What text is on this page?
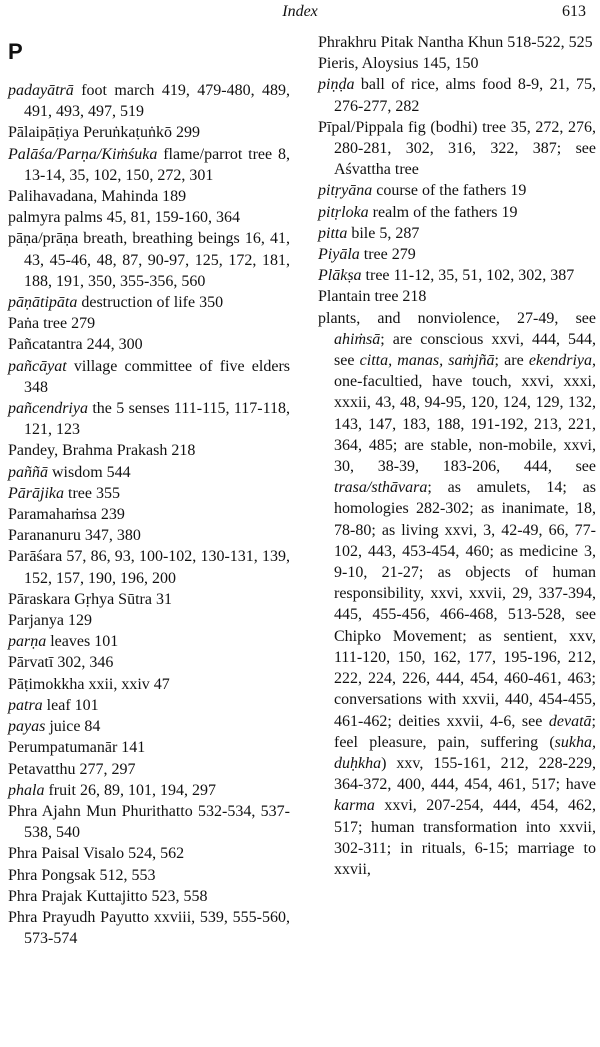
Index	613
P
padayātrā foot march 419, 479-480, 489, 491, 493, 497, 519
Pālaipāṭiya Peruṅkaṭuṅkō 299
Palāśa/Parṇa/Kiṁśuka flame/parrot tree 8, 13-14, 35, 102, 150, 272, 301
Palihavadana, Mahinda 189
palmyra palms 45, 81, 159-160, 364
pāṇa/prāṇa breath, breathing beings 16, 41, 43, 45-46, 48, 87, 90-97, 125, 172, 181, 188, 191, 350, 355-356, 560
pāṇātipāta destruction of life 350
Paṅa tree 279
Pañcatantra 244, 300
pañcāyat village committee of five elders 348
pañcendriya the 5 senses 111-115, 117-118, 121, 123
Pandey, Brahma Prakash 218
paññā wisdom 544
Pārājika tree 355
Paramahaṁsa 239
Parananuru 347, 380
Parāśara 57, 86, 93, 100-102, 130-131, 139, 152, 157, 190, 196, 200
Pāraskara Gṛhya Sūtra 31
Parjanya 129
parṇa leaves 101
Pārvatī 302, 346
Pāṭimokkha xxii, xxiv 47
patra leaf 101
payas juice 84
Perumpatumanār 141
Petavatthu 277, 297
phala fruit 26, 89, 101, 194, 297
Phra Ajahn Mun Phurithatto 532-534, 537-538, 540
Phra Paisal Visalo 524, 562
Phra Pongsak 512, 553
Phra Prajak Kuttajitto 523, 558
Phra Prayudh Payutto xxviii, 539, 555-560, 573-574
Phrakhru Pitak Nantha Khun 518-522, 525
Pieris, Aloysius 145, 150
piṇḍa ball of rice, alms food 8-9, 21, 75, 276-277, 282
Pīpal/Pippala fig (bodhi) tree 35, 272, 276, 280-281, 302, 316, 322, 387; see Aśvattha tree
pitṛyāna course of the fathers 19
pitṛloka realm of the fathers 19
pitta bile 5, 287
Piyāla tree 279
Plākṣa tree 11-12, 35, 51, 102, 302, 387
Plantain tree 218
plants, and nonviolence, 27-49, see ahiṁsā; are conscious xxvi, 444, 544, see citta, manas, saṁjñā; are ekendriya, one-facultied, have touch, xxvi, xxxi, xxxii, 43, 48, 94-95, 120, 124, 129, 132, 143, 147, 183, 188, 191-192, 213, 221, 364, 485; are stable, non-mobile, xxvi, 30, 38-39, 183-206, 444, see trasa/sthāvara; as amulets, 14; as homologies 282-302; as inanimate, 18, 78-80; as living xxvi, 3, 42-49, 66, 77-102, 443, 453-454, 460; as medicine 3, 9-10, 21-27; as objects of human responsibility, xxvi, xxvii, 29, 337-394, 445, 455-456, 466-468, 513-528, see Chipko Movement; as sentient, xxv, 111-120, 150, 162, 177, 195-196, 212, 222, 224, 226, 444, 454, 460-461, 463; conversations with xxvii, 440, 454-455, 461-462; deities xxvii, 4-6, see devatā; feel pleasure, pain, suffering (sukha, duḥkha) xxv, 155-161, 212, 228-229, 364-372, 400, 444, 454, 461, 517; have karma xxvi, 207-254, 444, 454, 462, 517; human transformation into xxvii, 302-311; in rituals, 6-15; marriage to xxvii,
